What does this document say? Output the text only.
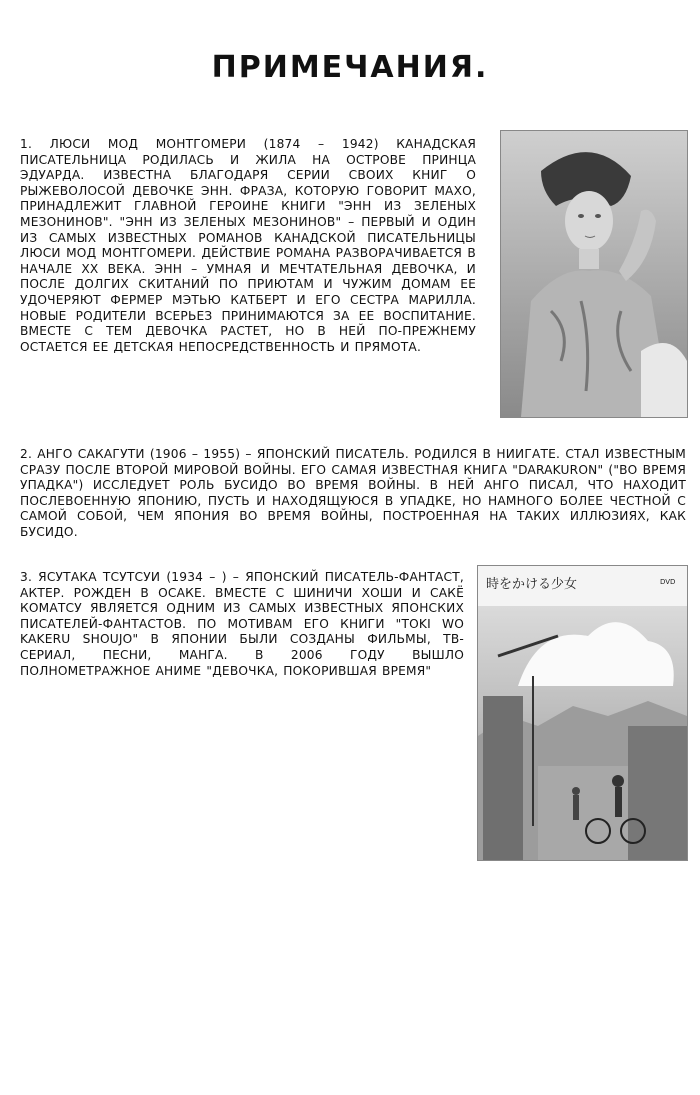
ПРИМЕЧАНИЯ.
1. ЛЮСИ МОД МОНТГОМЕРИ (1874 – 1942) КАНАДСКАЯ ПИСАТЕЛЬНИЦА РОДИЛАСЬ И ЖИЛА НА ОСТРОВЕ ПРИНЦА ЭДУАРДА. ИЗВЕСТНА БЛАГОДАРЯ СЕРИИ СВОИХ КНИГ О РЫЖЕВОЛОСОЙ ДЕВОЧКЕ ЭНН. ФРАЗА, КОТОРУЮ ГОВОРИТ МАХО, ПРИНАДЛЕЖИТ ГЛАВНОЙ ГЕРОИНЕ КНИГИ "ЭНН ИЗ ЗЕЛЕНЫХ МЕЗОНИНОВ". "ЭНН ИЗ ЗЕЛЕНЫХ МЕЗОНИНОВ" – ПЕРВЫЙ И ОДИН ИЗ САМЫХ ИЗВЕСТНЫХ РОМАНОВ КАНАДСКОЙ ПИСАТЕЛЬНИЦЫ ЛЮСИ МОД МОНТГОМЕРИ. ДЕЙСТВИЕ РОМАНА РАЗВОРАЧИВАЕТСЯ В НАЧАЛЕ XX ВЕКА. ЭНН – УМНАЯ И МЕЧТАТЕЛЬНАЯ ДЕВОЧКА, И ПОСЛЕ ДОЛГИХ СКИТАНИЙ ПО ПРИЮТАМ И ЧУЖИМ ДОМАМ ЕЕ УДОЧЕРЯЮТ ФЕРМЕР МЭТЬЮ КАТБЕРТ И ЕГО СЕСТРА МАРИЛЛА. НОВЫЕ РОДИТЕЛИ ВСЕРЬЕЗ ПРИНИМАЮТСЯ ЗА ЕЕ ВОСПИТАНИЕ. ВМЕСТЕ С ТЕМ ДЕВОЧКА РАСТЕТ, НО В НЕЙ ПО-ПРЕЖНЕМУ ОСТАЕТСЯ ЕЕ ДЕТСКАЯ НЕПОСРЕДСТВЕННОСТЬ И ПРЯМОТА.
2. АНГО САКАГУТИ (1906 – 1955) – ЯПОНСКИЙ ПИСАТЕЛЬ. РОДИЛСЯ В НИИГАТЕ. СТАЛ ИЗВЕСТНЫМ СРАЗУ ПОСЛЕ ВТОРОЙ МИРОВОЙ ВОЙНЫ. ЕГО САМАЯ ИЗВЕСТНАЯ КНИГА "DARAKURON" ("ВО ВРЕМЯ УПАДКА") ИССЛЕДУЕТ РОЛЬ БУСИДО ВО ВРЕМЯ ВОЙНЫ. В НЕЙ АНГО ПИСАЛ, ЧТО НАХОДИТ ПОСЛЕВОЕННУЮ ЯПОНИЮ, ПУСТЬ И НАХОДЯЩУЮСЯ В УПАДКЕ, НО НАМНОГО БОЛЕЕ ЧЕСТНОЙ С САМОЙ СОБОЙ, ЧЕМ ЯПОНИЯ ВО ВРЕМЯ ВОЙНЫ, ПОСТРОЕННАЯ НА ТАКИХ ИЛЛЮЗИЯХ, КАК БУСИДО.
3. ЯСУТАКА ТСУТСУИ (1934 – ) – ЯПОНСКИЙ ПИСАТЕЛЬ-ФАНТАСТ, АКТЕР. РОЖДЕН В ОСАКЕ. ВМЕСТЕ С ШИНИЧИ ХОШИ И САКЁ КОМАТСУ ЯВЛЯЕТСЯ ОДНИМ ИЗ САМЫХ ИЗВЕСТНЫХ ЯПОНСКИХ ПИСАТЕЛЕЙ-ФАНТАСТОВ. ПО МОТИВАМ ЕГО КНИГИ "TOKI WO KAKERU SHOUJO" В ЯПОНИИ БЫЛИ СОЗДАНЫ ФИЛЬМЫ, ТВ-СЕРИАЛ, ПЕСНИ, МАНГА. В 2006 ГОДУ ВЫШЛО ПОЛНОМЕТРАЖНОЕ АНИМЕ "ДЕВОЧКА, ПОКОРИВШАЯ ВРЕМЯ"
時をかける少女	DVD
